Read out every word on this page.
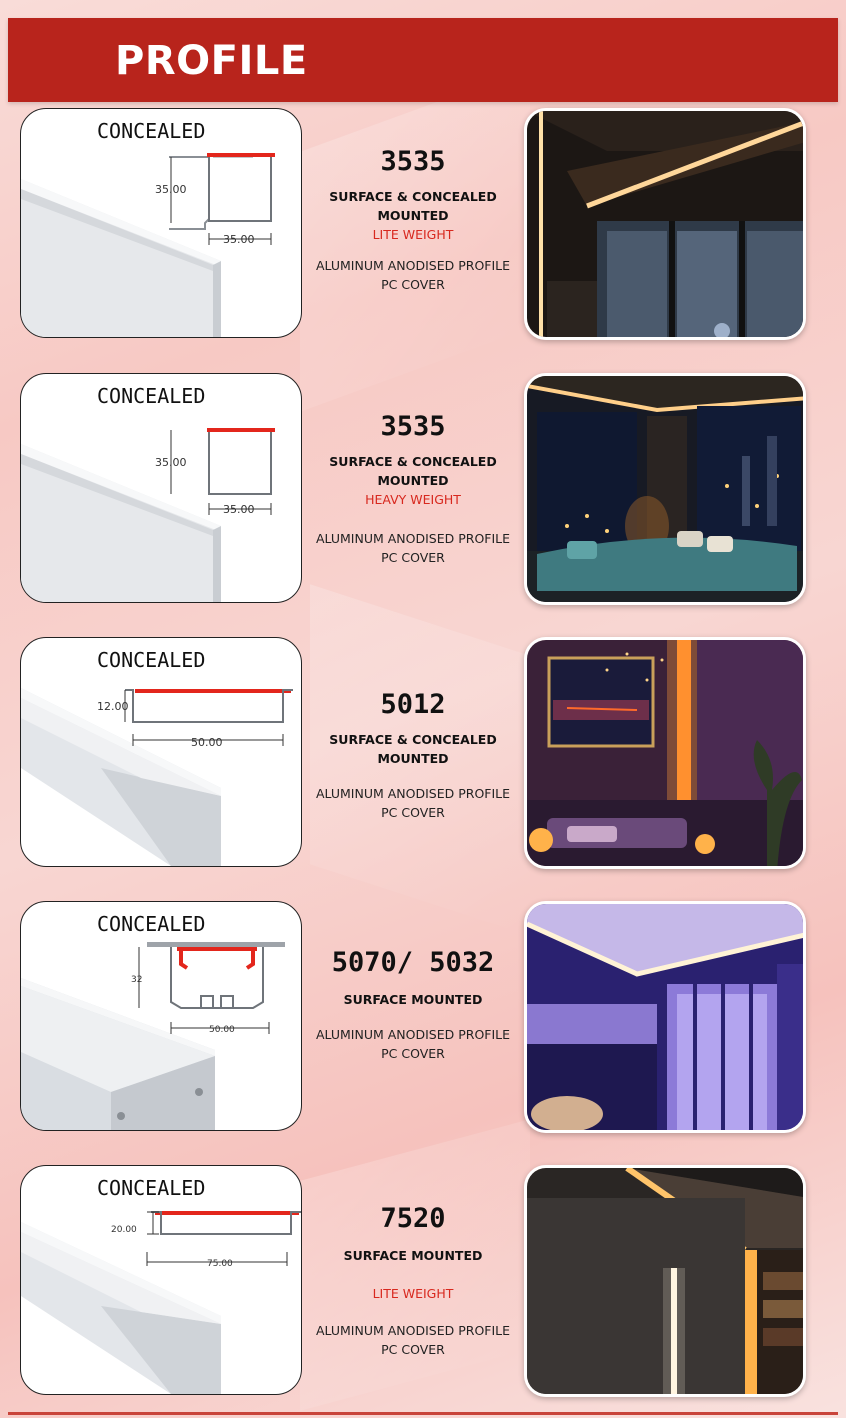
PROFILE
CONCEALED
35.00
35.00
3535
SURFACE & CONCEALED
MOUNTED
LITE WEIGHT
ALUMINUM ANODISED PROFILE
PC COVER
CONCEALED
35.00
35.00
3535
SURFACE & CONCEALED
MOUNTED
HEAVY WEIGHT
ALUMINUM ANODISED PROFILE
PC COVER
CONCEALED
12.00
50.00
5012
SURFACE & CONCEALED
MOUNTED
ALUMINUM ANODISED PROFILE
PC COVER
CONCEALED
32
50.00
5070/ 5032
SURFACE MOUNTED
ALUMINUM ANODISED PROFILE
PC COVER
CONCEALED
20.00
75.00
7520
SURFACE MOUNTED
LITE WEIGHT
ALUMINUM ANODISED PROFILE
PC COVER
